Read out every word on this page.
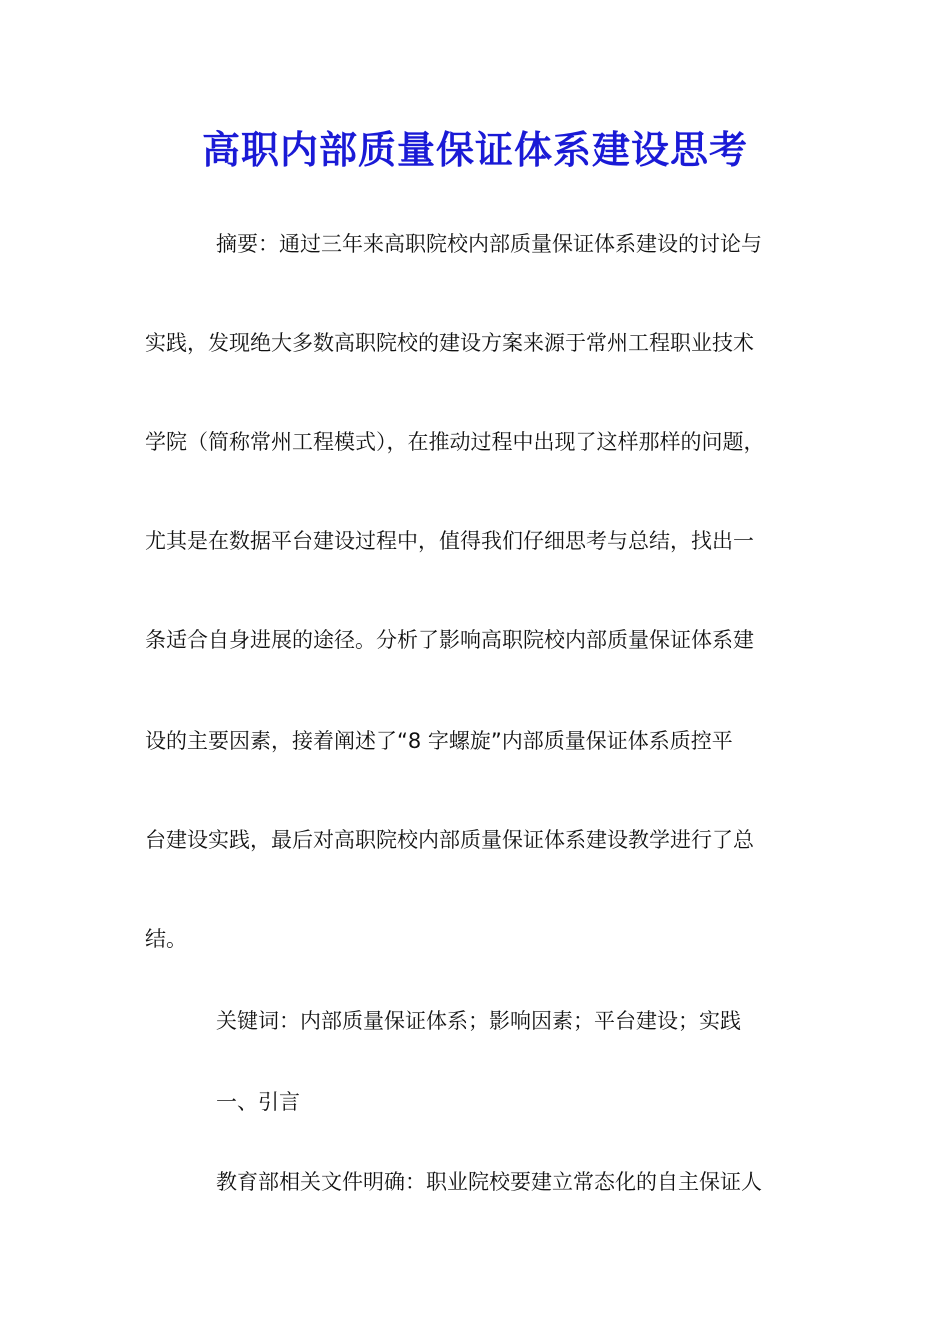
高职内部质量保证体系建设思考

摘要：通过三年来高职院校内部质量保证体系建设的讨论与

实践，发现绝大多数高职院校的建设方案来源于常州工程职业技术

学院（简称常州工程模式），在推动过程中出现了这样那样的问题，

尤其是在数据平台建设过程中，值得我们仔细思考与总结，找出一

条适合自身进展的途径。分析了影响高职院校内部质量保证体系建

设的主要因素，接着阐述了“8 字螺旋”内部质量保证体系质控平

台建设实践，最后对高职院校内部质量保证体系建设教学进行了总

结。

关键词：内部质量保证体系；影响因素；平台建设；实践

一、引言

教育部相关文件明确：职业院校要建立常态化的自主保证人
